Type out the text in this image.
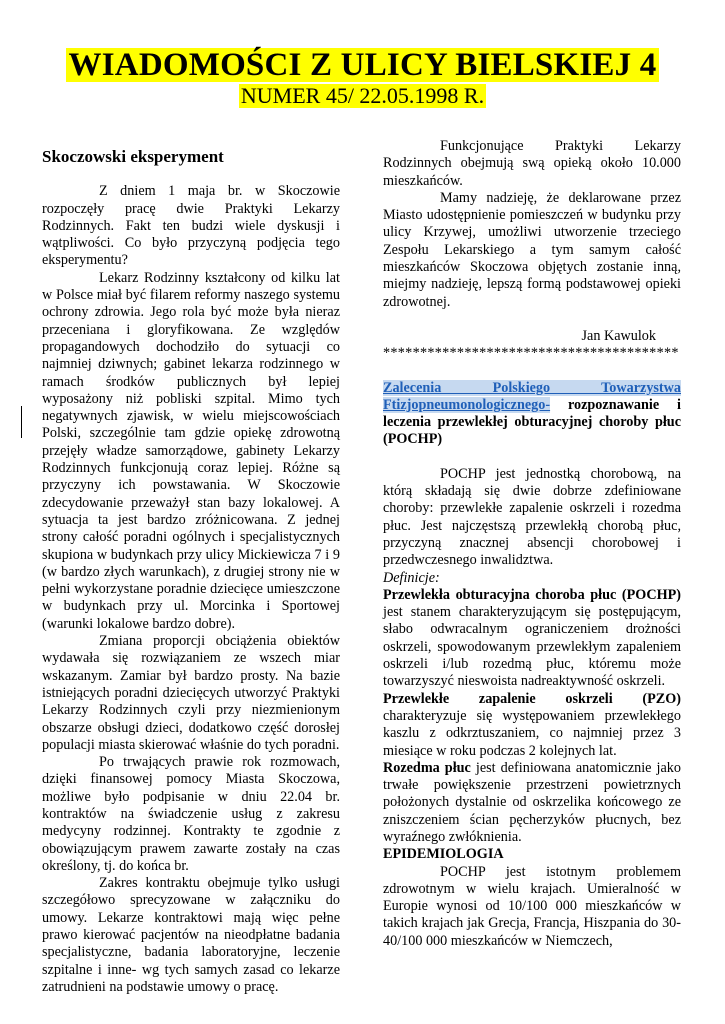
WIADOMOŚCI Z ULICY BIELSKIEJ 4
NUMER 45/ 22.05.1998 R.

Skoczowski eksperyment

Z dniem 1 maja br. w Skoczowie rozpoczęły pracę dwie Praktyki Lekarzy Rodzinnych. Fakt ten budzi wiele dyskusji i wątpliwości. Co było przyczyną podjęcia tego eksperymentu?

Lekarz Rodzinny kształcony od kilku lat w Polsce miał być filarem reformy naszego systemu ochrony zdrowia. Jego rola być może była nieraz przeceniana i gloryfikowana. Ze względów propagandowych dochodziło do sytuacji co najmniej dziwnych; gabinet lekarza rodzinnego w ramach środków publicznych był lepiej wyposażony niż pobliski szpital. Mimo tych negatywnych zjawisk, w wielu miejscowościach Polski, szczególnie tam gdzie opiekę zdrowotną przejęły władze samorządowe, gabinety Lekarzy Rodzinnych funkcjonują coraz lepiej. Różne są przyczyny ich powstawania. W Skoczowie zdecydowanie przeważył stan bazy lokalowej. A sytuacja ta jest bardzo zróżnicowana. Z jednej strony całość poradni ogólnych i specjalistycznych skupiona w budynkach przy ulicy Mickiewicza 7 i 9 (w bardzo złych warunkach), z drugiej strony nie w pełni wykorzystane poradnie dziecięce umieszczone w budynkach przy ul. Morcinka i Sportowej (warunki lokalowe bardzo dobre).

Zmiana proporcji obciążenia obiektów wydawała się rozwiązaniem ze wszech miar wskazanym. Zamiar był bardzo prosty. Na bazie istniejących poradni dziecięcych utworzyć Praktyki Lekarzy Rodzinnych czyli przy niezmienionym obszarze obsługi dzieci, dodatkowo część dorosłej populacji miasta skierować właśnie do tych poradni.

Po trwających prawie rok rozmowach, dzięki finansowej pomocy Miasta Skoczowa, możliwe było podpisanie w dniu 22.04 br. kontraktów na świadczenie usług z zakresu medycyny rodzinnej. Kontrakty te zgodnie z obowiązującym prawem zawarte zostały na czas określony, tj. do końca br.

Zakres kontraktu obejmuje tylko usługi szczegółowo sprecyzowane w załączniku do umowy. Lekarze kontraktowi mają więc pełne prawo kierować pacjentów na nieodpłatne badania specjalistyczne, badania laboratoryjne, leczenie szpitalne i inne- wg tych samych zasad co lekarze zatrudnieni na podstawie umowy o pracę.

Funkcjonujące Praktyki Lekarzy Rodzinnych obejmują swą opieką około 10.000 mieszkańców.

Mamy nadzieję, że deklarowane przez Miasto udostępnienie pomieszczeń w budynku przy ulicy Krzywej, umożliwi utworzenie trzeciego Zespołu Lekarskiego a tym samym całość mieszkańców Skoczowa objętych zostanie inną, miejmy nadzieję, lepszą formą podstawowej opieki zdrowotnej.

Jan Kawulok

****************************************

Zalecenia Polskiego Towarzystwa Ftizjopneumonologicznego- rozpoznawanie i leczenia przewlekłej obturacyjnej choroby płuc (POCHP)

POCHP jest jednostką chorobową, na którą składają się dwie dobrze zdefiniowane choroby: przewlekłe zapalenie oskrzeli i rozedma płuc. Jest najczęstszą przewlekłą chorobą płuc, przyczyną znacznej absencji chorobowej i przedwczesnego inwalidztwa.

Definicje:

Przewlekła obturacyjna choroba płuc (POCHP) jest stanem charakteryzującym się postępującym, słabo odwracalnym ograniczeniem drożności oskrzeli, spowodowanym przewlekłym zapaleniem oskrzeli i/lub rozedmą płuc, któremu może towarzyszyć nieswoista nadreaktywność oskrzeli.

Przewlekłe zapalenie oskrzeli (PZO) charakteryzuje się występowaniem przewlekłego kaszlu z odkrztuszaniem, co najmniej przez 3 miesiące w roku podczas 2 kolejnych lat.

Rozedma płuc jest definiowana anatomicznie jako trwałe powiększenie przestrzeni powietrznych położonych dystalnie od oskrzelika końcowego ze zniszczeniem ścian pęcherzyków płucnych, bez wyraźnego zwłóknienia.

EPIDEMIOLOGIA

POCHP jest istotnym problemem zdrowotnym w wielu krajach. Umieralność w Europie wynosi od 10/100 000 mieszkańców w takich krajach jak Grecja, Francja, Hiszpania do 30-40/100 000 mieszkańców w Niemczech,
